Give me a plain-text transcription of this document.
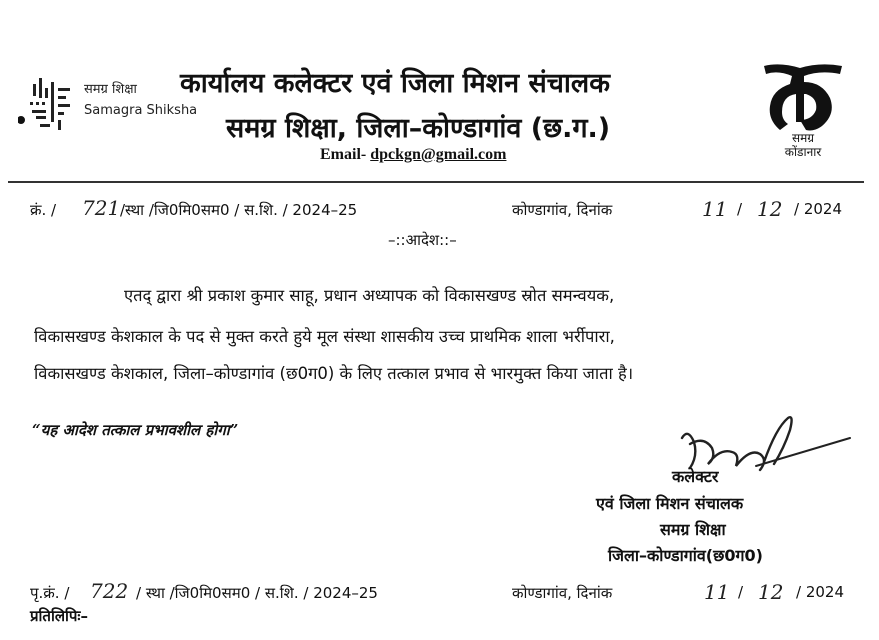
समग्र शिक्षा
Samagra Shiksha
कार्यालय कलेक्टर एवं जिला मिशन संचालक
समग्र शिक्षा, जिला–कोण्डागांव (छ.ग.)
Email- dpckgn@gmail.com
समग्र
कोंडानार
क्रं. / 721 /स्था /जि0मि0सम0 / स.शि. / 2024–25	कोण्डागांव, दिनांक	11 / 12 / 2024
–::आदेश::–
एतद् द्वारा श्री प्रकाश कुमार साहू, प्रधान अध्यापक को विकासखण्ड स्रोत समन्वयक,
विकासखण्ड केशकाल के पद से मुक्त करते हुये मूल संस्था शासकीय उच्च प्राथमिक शाला भर्रीपारा,
विकासखण्ड केशकाल, जिला–कोण्डागांव (छ0ग0) के लिए तत्काल प्रभाव से भारमुक्त किया जाता है।
“यह आदेश तत्काल प्रभावशील होगा”
कलेक्टर
एवं जिला मिशन संचालक
समग्र शिक्षा
जिला–कोण्डागांव(छ0ग0)
पृ.क्रं. / 722 / स्था /जि0मि0सम0 / स.शि. / 2024–25	कोण्डागांव, दिनांक	11 / 12 / 2024
प्रतिलिपिः–
